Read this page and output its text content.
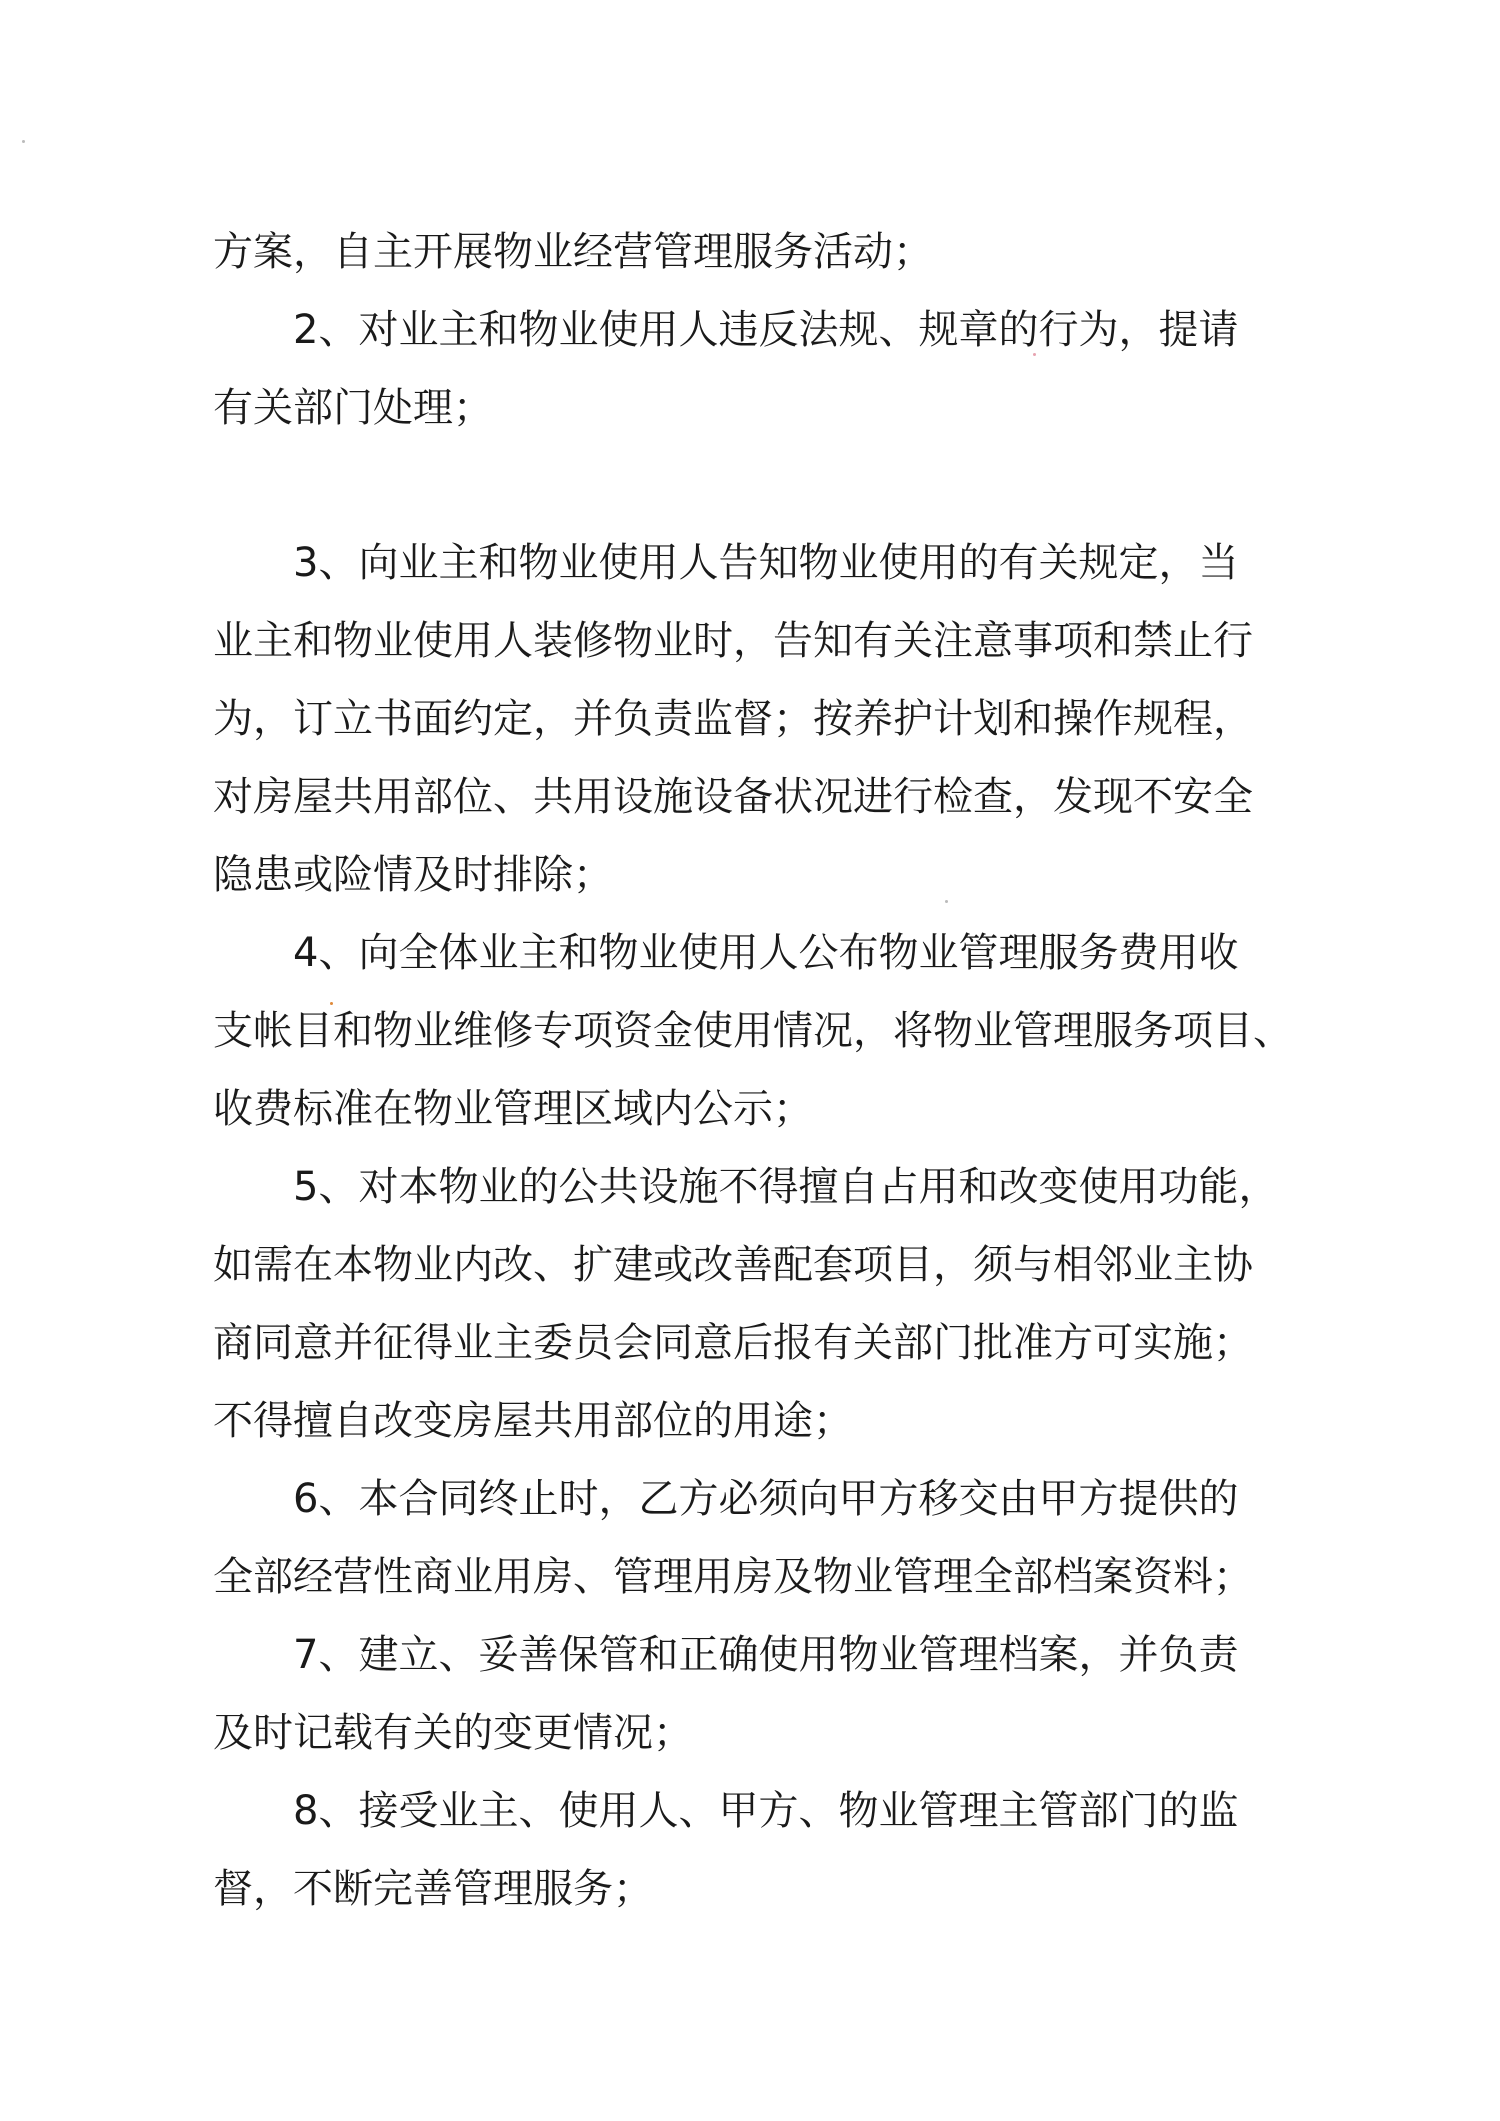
方案，自主开展物业经营管理服务活动；
2、对业主和物业使用人违反法规、规章的行为，提请
有关部门处理；
3、向业主和物业使用人告知物业使用的有关规定，当
业主和物业使用人装修物业时，告知有关注意事项和禁止行
为，订立书面约定，并负责监督；按养护计划和操作规程，
对房屋共用部位、共用设施设备状况进行检查，发现不安全
隐患或险情及时排除；
4、向全体业主和物业使用人公布物业管理服务费用收
支帐目和物业维修专项资金使用情况，将物业管理服务项目、
收费标准在物业管理区域内公示；
5、对本物业的公共设施不得擅自占用和改变使用功能，
如需在本物业内改、扩建或改善配套项目，须与相邻业主协
商同意并征得业主委员会同意后报有关部门批准方可实施；
不得擅自改变房屋共用部位的用途；
6、本合同终止时，乙方必须向甲方移交由甲方提供的
全部经营性商业用房、管理用房及物业管理全部档案资料；
7、建立、妥善保管和正确使用物业管理档案，并负责
及时记载有关的变更情况；
8、接受业主、使用人、甲方、物业管理主管部门的监
督，不断完善管理服务；
